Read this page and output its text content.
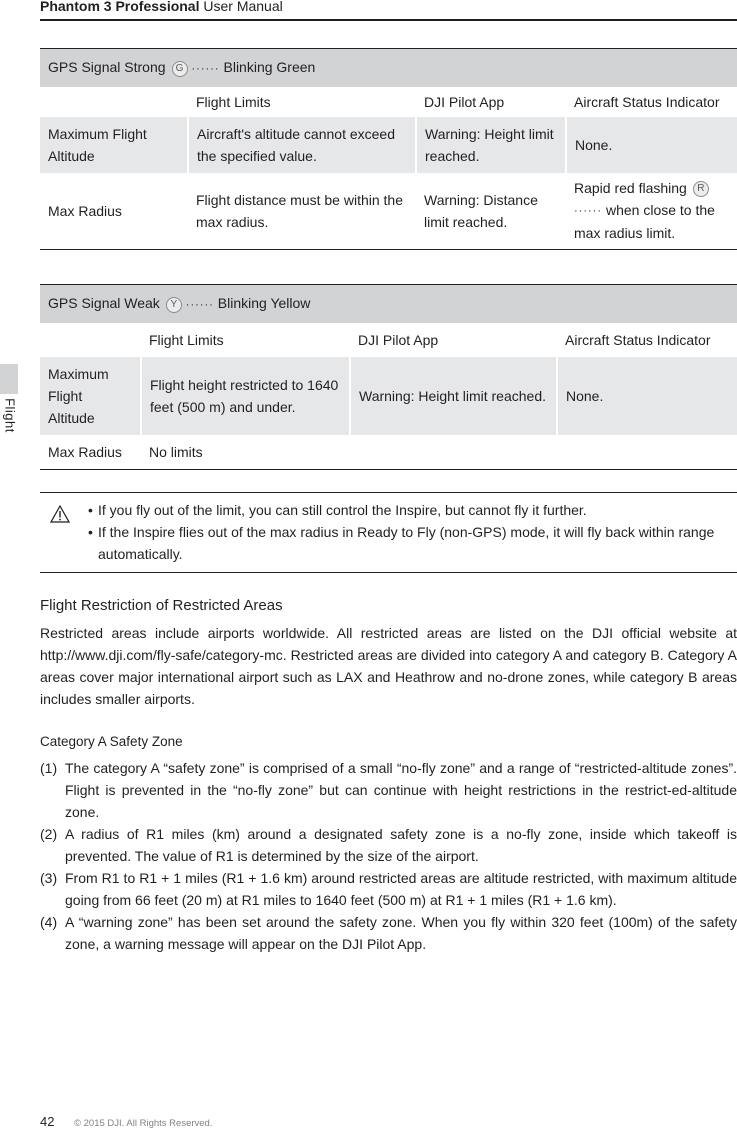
Phantom 3 Professional User Manual
Flight
GPS Signal Strong G ······ Blinking Green			
	Flight Limits	DJI Pilot App	Aircraft Status Indicator
Maximum Flight Altitude	Aircraft's altitude cannot exceed the specified value.	Warning: Height limit reached.	None.
Max Radius	Flight distance must be within the max radius.	Warning: Distance limit reached.	Rapid red flashing R
······ when close to the max radius limit.
GPS Signal Weak Y ······ Blinking Yellow			
	Flight Limits	DJI Pilot App	Aircraft Status Indicator
Maximum Flight Altitude	Flight height restricted to 1640 feet (500 m) and under.	Warning: Height limit reached.	None.
Max Radius	No limits		
• If you fly out of the limit, you can still control the Inspire, but cannot fly it further.
• If the Inspire flies out of the max radius in Ready to Fly (non-GPS) mode, it will fly back within range automatically.
Flight Restriction of Restricted Areas
Restricted areas include airports worldwide. All restricted areas are listed on the DJI official website at http://www.dji.com/fly-safe/category-mc. Restricted areas are divided into category A and category B. Category A areas cover major international airport such as LAX and Heathrow and no-drone zones, while category B areas includes smaller airports.
Category A Safety Zone
(1) The category A “safety zone” is comprised of a small “no-fly zone” and a range of “restricted-altitude zones”. Flight is prevented in the “no-fly zone” but can continue with height restrictions in the restrict-ed-altitude zone.
(2) A radius of R1 miles (km) around a designated safety zone is a no-fly zone, inside which takeoff is prevented. The value of R1 is determined by the size of the airport.
(3) From R1 to R1 + 1 miles (R1 + 1.6 km) around restricted areas are altitude restricted, with maximum altitude going from 66 feet (20 m) at R1 miles to 1640 feet (500 m) at R1 + 1 miles (R1 + 1.6 km).
(4) A “warning zone” has been set around the safety zone. When you fly within 320 feet (100m) of the safety zone, a warning message will appear on the DJI Pilot App.
42 © 2015 DJI. All Rights Reserved.
